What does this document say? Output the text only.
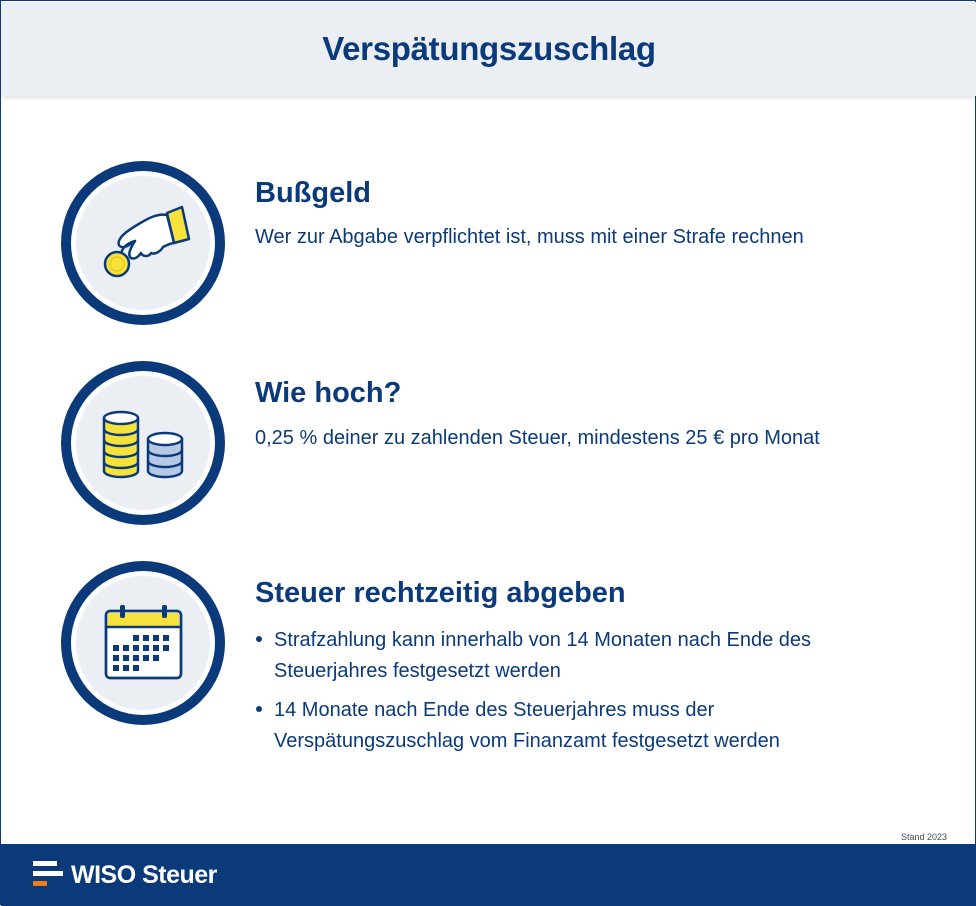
Verspätungszuschlag
Bußgeld
Wer zur Abgabe verpflichtet ist, muss mit einer Strafe rechnen
Wie hoch?
0,25 % deiner zu zahlenden Steuer, mindestens 25 € pro Monat
Steuer rechtzeitig abgeben
Strafzahlung kann innerhalb von 14 Monaten nach Ende des Steuerjahres festgesetzt werden
14 Monate nach Ende des Steuerjahres muss der Verspätungszuschlag vom Finanzamt festgesetzt werden
Stand 2023
WISO Steuer
